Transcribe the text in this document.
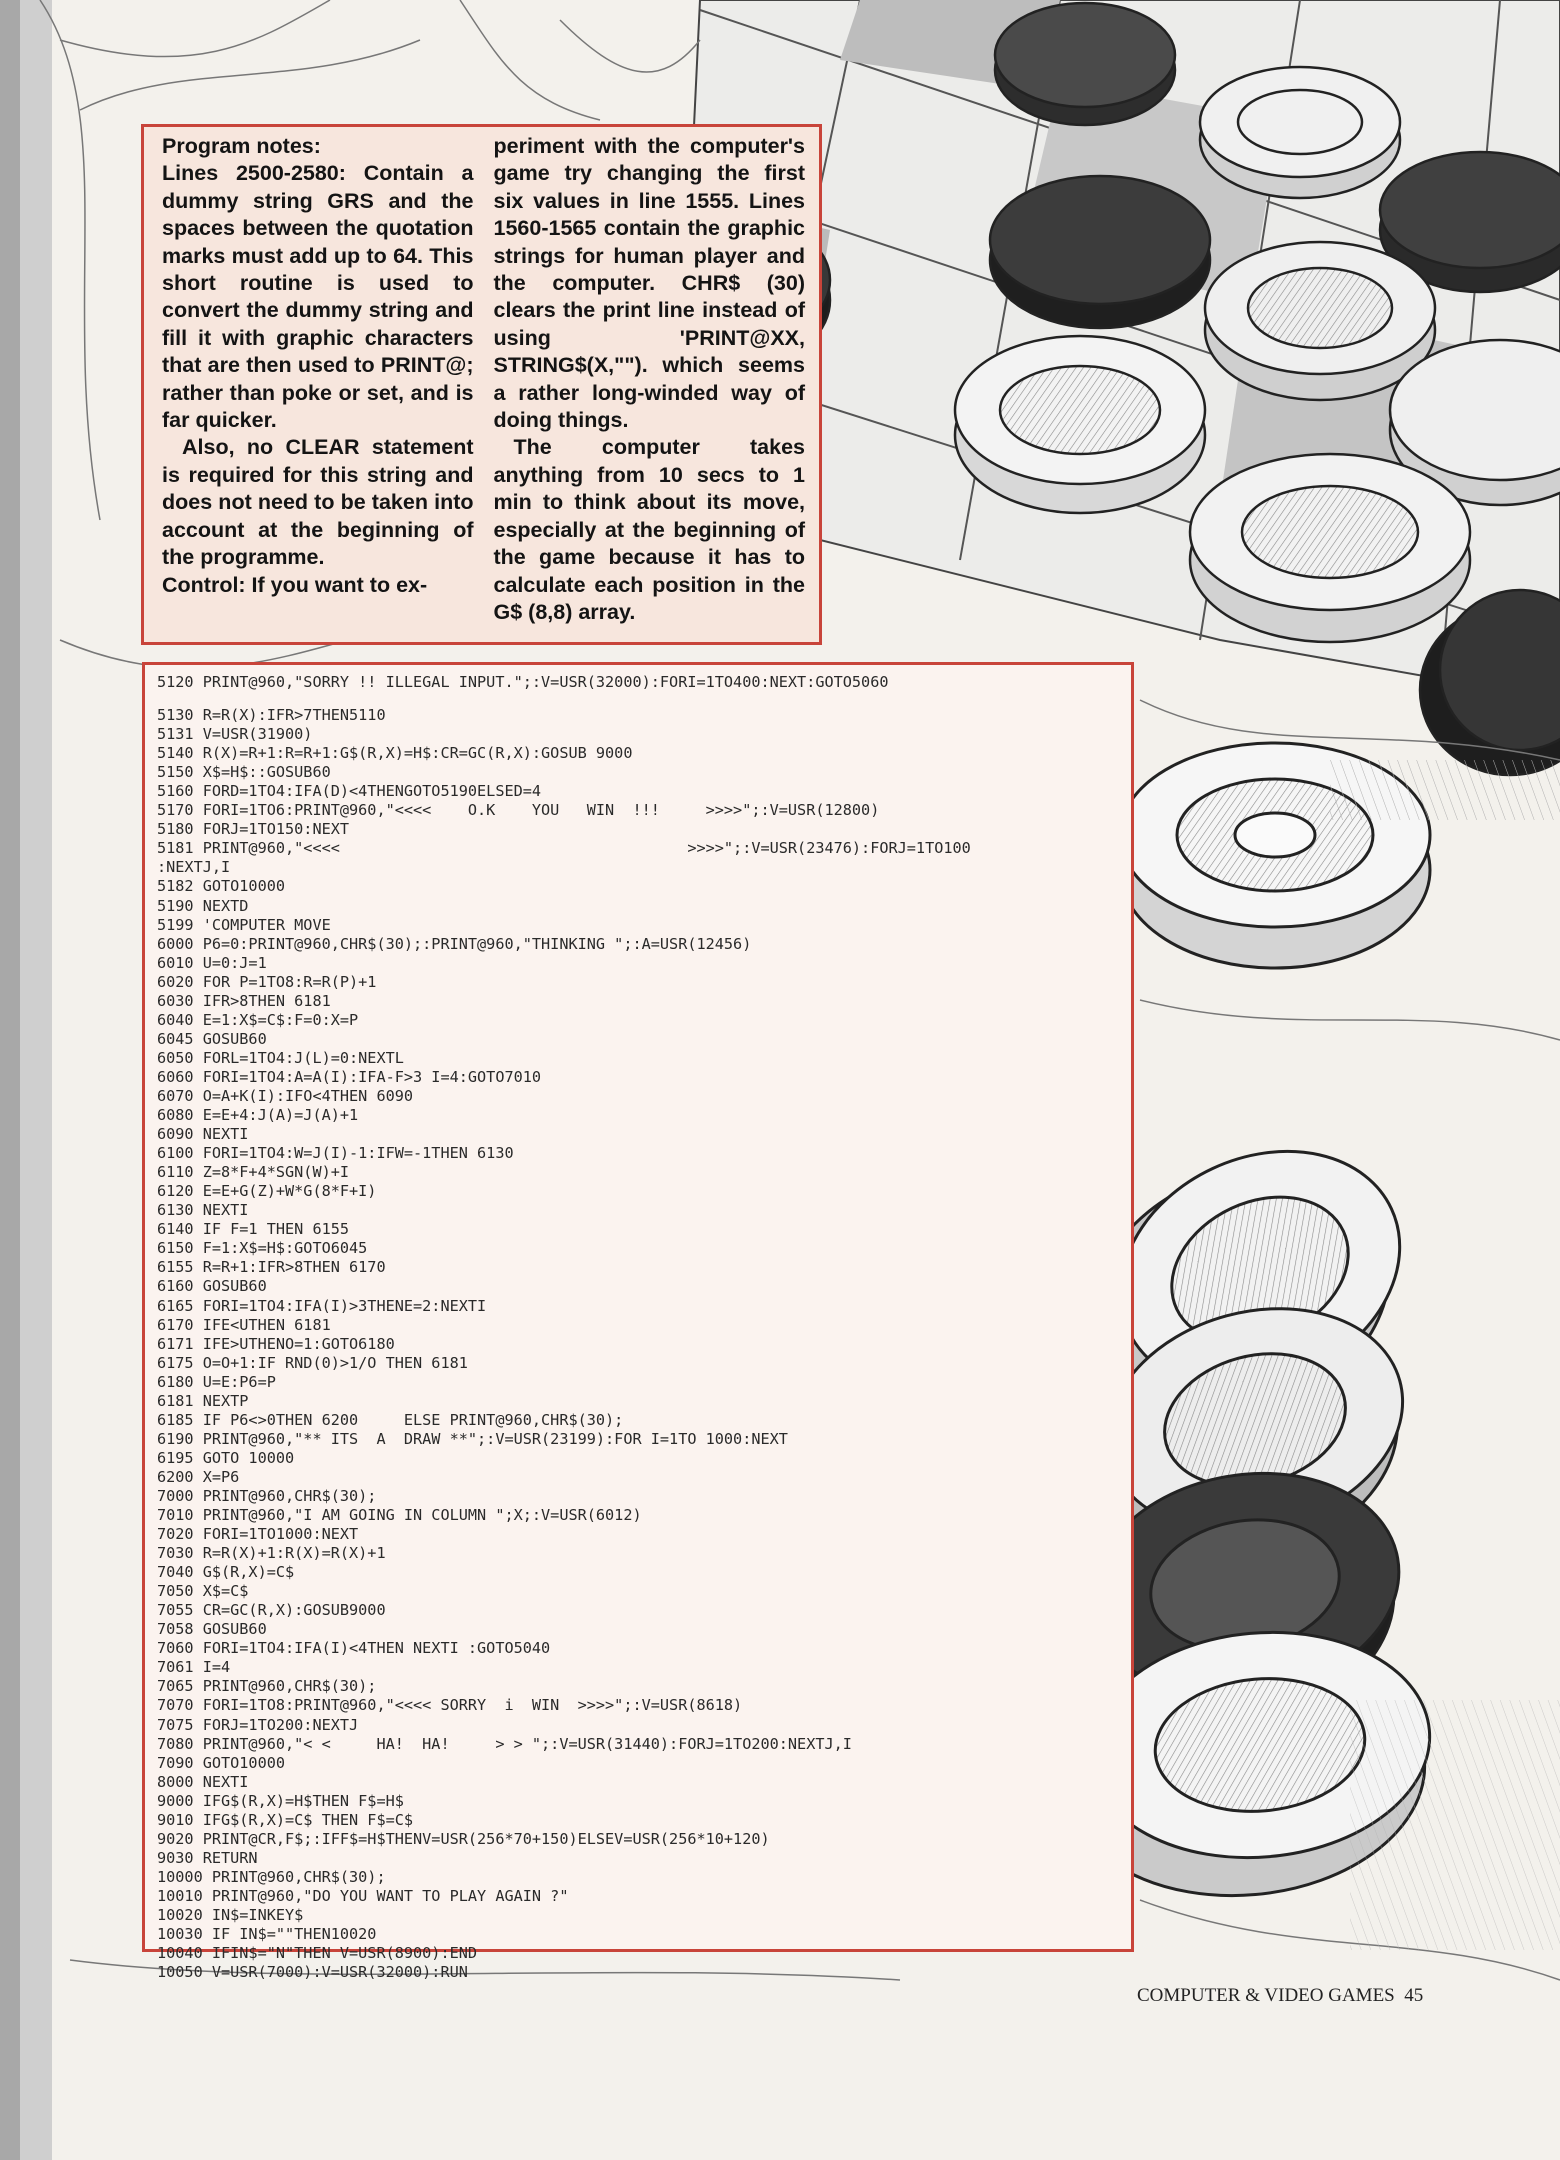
Program notes:

Lines 2500-2580: Contain a dummy string GRS and the spaces between the quotation marks must add up to 64. This short routine is used to convert the dummy string and fill it with graphic characters that are then used to PRINT@; rather than poke or set, and is far quicker.

Also, no CLEAR statement is required for this string and does not need to be taken into account at the beginning of the programme.

Control: If you want to ex-

periment with the computer's game try changing the first six values in line 1555. Lines 1560-1565 contain the graphic strings for human player and the computer. CHR$ (30) clears the print line instead of using 'PRINT@XX, STRING$(X,""). which seems a rather long-winded way of doing things.

The computer takes anything from 10 secs to 1 min to think about its move, especially at the beginning of the game because it has to calculate each position in the G$ (8,8) array.

5120 PRINT@960,"SORRY !! ILLEGAL INPUT.";:V=USR(32000):FORI=1TO400:NEXT:GOTO5060
5130 R=R(X):IFR>7THEN5110
5131 V=USR(31900)
5140 R(X)=R+1:R=R+1:G$(R,X)=H$:CR=GC(R,X):GOSUB 9000
5150 X$=H$::GOSUB60
5160 FORD=1TO4:IFA(D)<4THENGOTO5190ELSED=4
5170 FORI=1TO6:PRINT@960,"<<<<    O.K    YOU   WIN  !!!     >>>>";:V=USR(12800)
5180 FORJ=1TO150:NEXT
5181 PRINT@960,"<<<<                                      >>>>";:V=USR(23476):FORJ=1TO100
:NEXTJ,I
5182 GOTO10000
5190 NEXTD
5199 'COMPUTER MOVE
6000 P6=0:PRINT@960,CHR$(30);:PRINT@960,"THINKING ";:A=USR(12456)
6010 U=0:J=1
6020 FOR P=1TO8:R=R(P)+1
6030 IFR>8THEN 6181
6040 E=1:X$=C$:F=0:X=P
6045 GOSUB60
6050 FORL=1TO4:J(L)=0:NEXTL
6060 FORI=1TO4:A=A(I):IFA-F>3 I=4:GOTO7010
6070 O=A+K(I):IFO<4THEN 6090
6080 E=E+4:J(A)=J(A)+1
6090 NEXTI
6100 FORI=1TO4:W=J(I)-1:IFW=-1THEN 6130
6110 Z=8*F+4*SGN(W)+I
6120 E=E+G(Z)+W*G(8*F+I)
6130 NEXTI
6140 IF F=1 THEN 6155
6150 F=1:X$=H$:GOTO6045
6155 R=R+1:IFR>8THEN 6170
6160 GOSUB60
6165 FORI=1TO4:IFA(I)>3THENE=2:NEXTI
6170 IFE<UTHEN 6181
6171 IFE>UTHENO=1:GOTO6180
6175 O=O+1:IF RND(0)>1/O THEN 6181
6180 U=E:P6=P
6181 NEXTP
6185 IF P6<>0THEN 6200     ELSE PRINT@960,CHR$(30);
6190 PRINT@960,"** ITS  A  DRAW **";:V=USR(23199):FOR I=1TO 1000:NEXT
6195 GOTO 10000
6200 X=P6
7000 PRINT@960,CHR$(30);
7010 PRINT@960,"I AM GOING IN COLUMN ";X;:V=USR(6012)
7020 FORI=1TO1000:NEXT
7030 R=R(X)+1:R(X)=R(X)+1
7040 G$(R,X)=C$
7050 X$=C$
7055 CR=GC(R,X):GOSUB9000
7058 GOSUB60
7060 FORI=1TO4:IFA(I)<4THEN NEXTI :GOTO5040
7061 I=4
7065 PRINT@960,CHR$(30);
7070 FORI=1TO8:PRINT@960,"<<<< SORRY  i  WIN  >>>>";:V=USR(8618)
7075 FORJ=1TO200:NEXTJ
7080 PRINT@960,"< <     HA!  HA!     > > ";:V=USR(31440):FORJ=1TO200:NEXTJ,I
7090 GOTO10000
8000 NEXTI
9000 IFG$(R,X)=H$THEN F$=H$
9010 IFG$(R,X)=C$ THEN F$=C$
9020 PRINT@CR,F$;:IFF$=H$THENV=USR(256*70+150)ELSEV=USR(256*10+120)
9030 RETURN
10000 PRINT@960,CHR$(30);
10010 PRINT@960,"DO YOU WANT TO PLAY AGAIN ?"
10020 IN$=INKEY$
10030 IF IN$=""THEN10020
10040 IFIN$="N"THEN V=USR(8900):END
10050 V=USR(7000):V=USR(32000):RUN
COMPUTER & VIDEO GAMES 45
